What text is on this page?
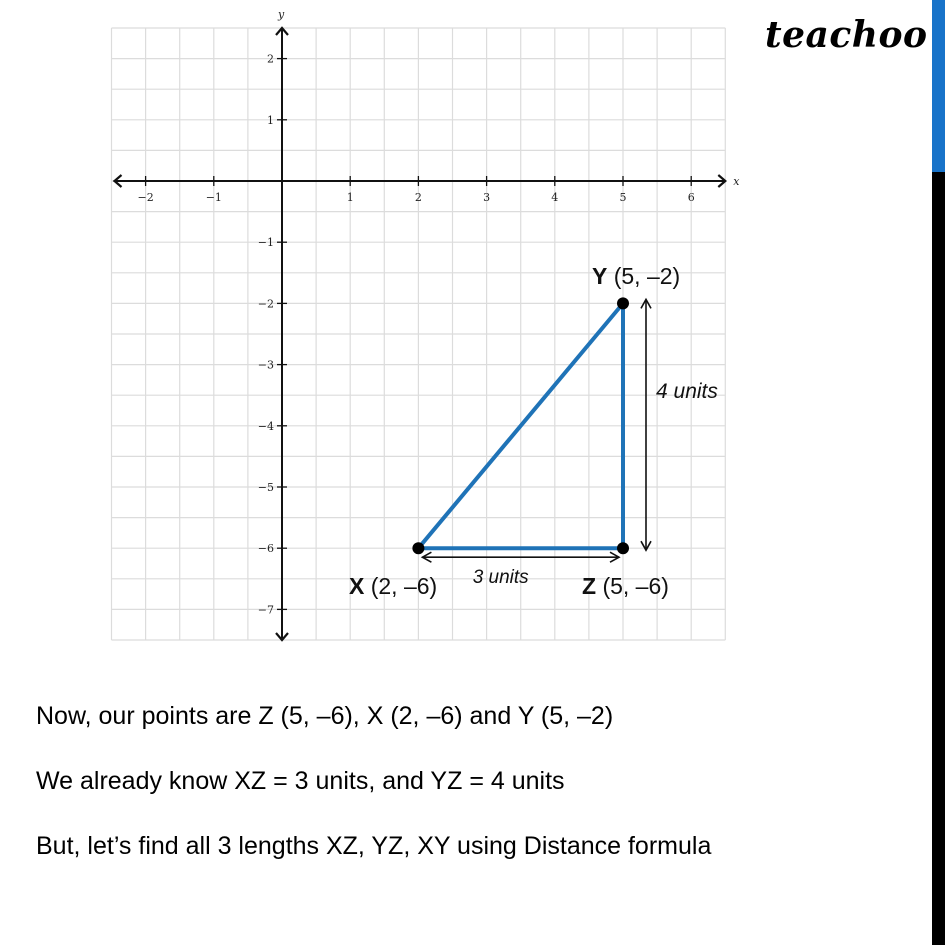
x
y
−2	−1	1	2	3	4	5	6
2
1
−1
−2
−3
−4
−5
−6
−7
3 units
4 units
X (2, –6)
Y (5, –2)
Z (5, –6)
teachoo
Now, our points are Z (5, –6), X (2, –6) and Y (5, –2)
We already know XZ = 3 units, and YZ = 4 units
But, let’s find all 3 lengths XZ, YZ, XY using Distance formula
